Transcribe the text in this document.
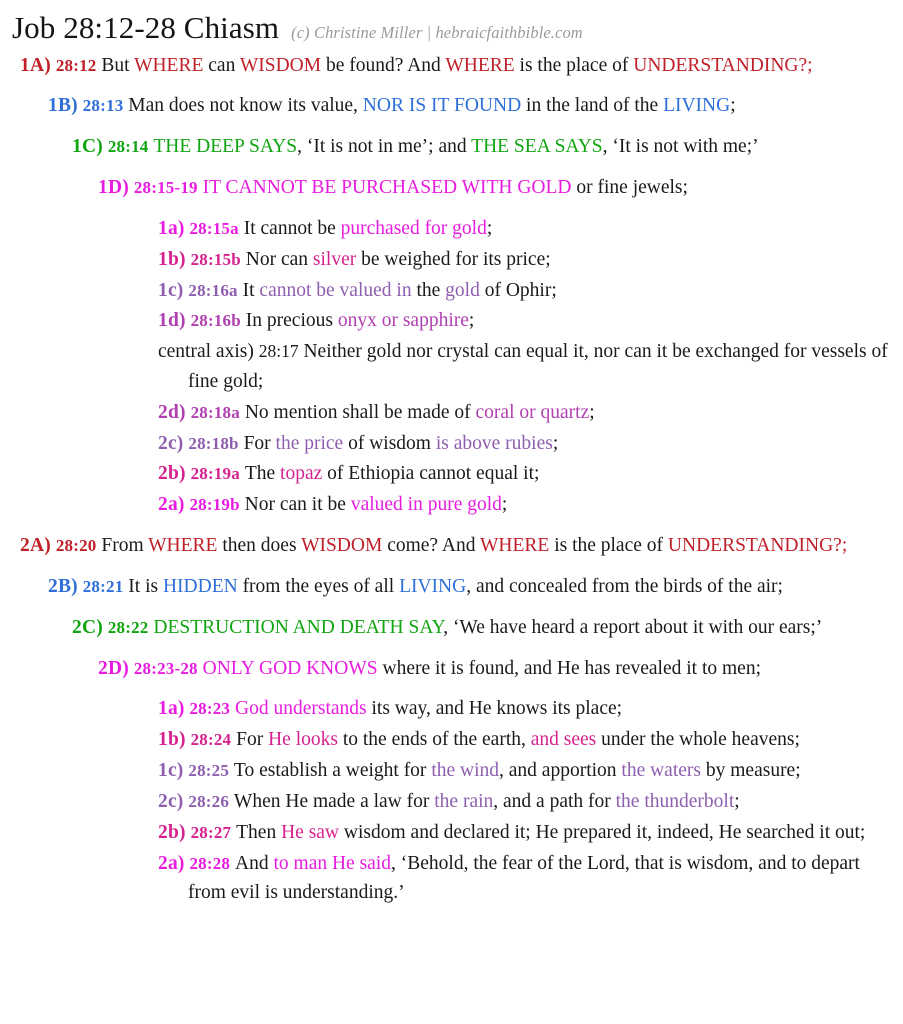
Job 28:12-28 Chiasm (c) Christine Miller | hebraicfaithbible.com

1A) 28:12 But WHERE can WISDOM be found? And WHERE is the place of UNDERSTANDING?;

1B) 28:13 Man does not know its value, NOR IS IT FOUND in the land of the LIVING;

1C) 28:14 THE DEEP SAYS, ‘It is not in me’; and THE SEA SAYS, ‘It is not with me;’

1D) 28:15-19 IT CANNOT BE PURCHASED WITH GOLD or fine jewels;

1a) 28:15a It cannot be purchased for gold;

1b) 28:15b Nor can silver be weighed for its price;

1c) 28:16a It cannot be valued in the gold of Ophir;

1d) 28:16b In precious onyx or sapphire;

central axis) 28:17 Neither gold nor crystal can equal it, nor can it be exchanged for vessels of fine gold;

2d) 28:18a No mention shall be made of coral or quartz;

2c) 28:18b For the price of wisdom is above rubies;

2b) 28:19a The topaz of Ethiopia cannot equal it;

2a) 28:19b Nor can it be valued in pure gold;

2A) 28:20 From WHERE then does WISDOM come? And WHERE is the place of UNDERSTANDING?;

2B) 28:21 It is HIDDEN from the eyes of all LIVING, and concealed from the birds of the air;

2C) 28:22 DESTRUCTION AND DEATH SAY, ‘We have heard a report about it with our ears;’

2D) 28:23-28 ONLY GOD KNOWS where it is found, and He has revealed it to men;

1a) 28:23 God understands its way, and He knows its place;

1b) 28:24 For He looks to the ends of the earth, and sees under the whole heavens;

1c) 28:25 To establish a weight for the wind, and apportion the waters by measure;

2c) 28:26 When He made a law for the rain, and a path for the thunderbolt;

2b) 28:27 Then He saw wisdom and declared it; He prepared it, indeed, He searched it out;

2a) 28:28 And to man He said, ‘Behold, the fear of the Lord, that is wisdom, and to depart from evil is understanding.’
